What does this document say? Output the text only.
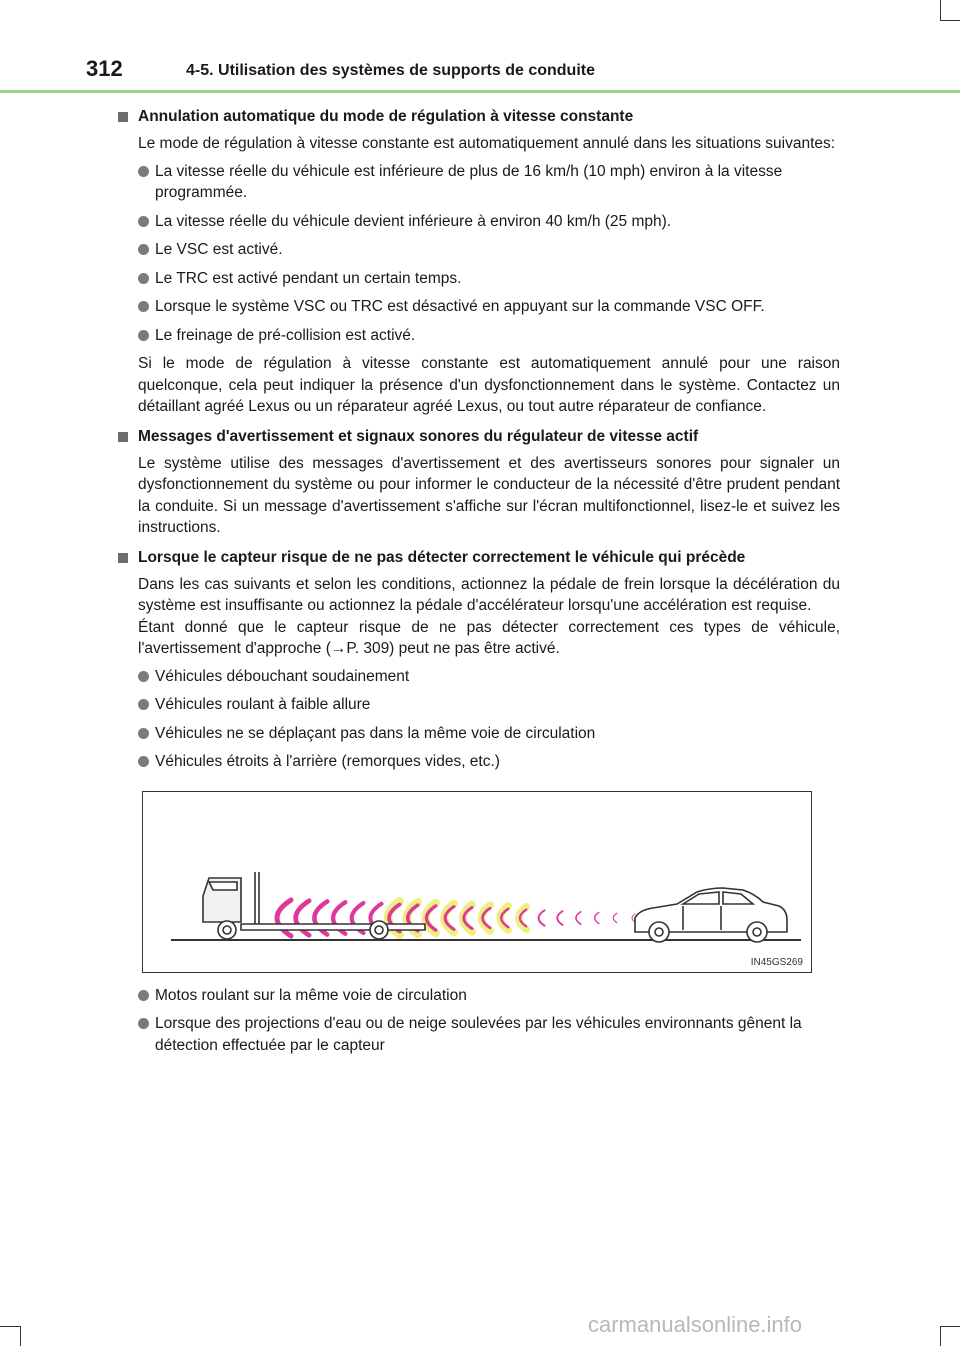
312	4-5. Utilisation des systèmes de supports de conduite
Annulation automatique du mode de régulation à vitesse constante

Le mode de régulation à vitesse constante est automatiquement annulé dans les situations suivantes:

La vitesse réelle du véhicule est inférieure de plus de 16 km/h (10 mph) environ à la vitesse programmée.
La vitesse réelle du véhicule devient inférieure à environ 40 km/h (25 mph).
Le VSC est activé.
Le TRC est activé pendant un certain temps.
Lorsque le système VSC ou TRC est désactivé en appuyant sur la commande VSC OFF.
Le freinage de pré-collision est activé.

Si le mode de régulation à vitesse constante est automatiquement annulé pour une raison quelconque, cela peut indiquer la présence d'un dysfonctionnement dans le système. Contactez un détaillant agréé Lexus ou un réparateur agréé Lexus, ou tout autre réparateur de confiance.

Messages d'avertissement et signaux sonores du régulateur de vitesse actif

Le système utilise des messages d'avertissement et des avertisseurs sonores pour signaler un dysfonctionnement du système ou pour informer le conducteur de la nécessité d'être prudent pendant la conduite. Si un message d'avertissement s'affiche sur l'écran multifonctionnel, lisez-le et suivez les instructions.

Lorsque le capteur risque de ne pas détecter correctement le véhicule qui précède

Dans les cas suivants et selon les conditions, actionnez la pédale de frein lorsque la décélération du système est insuffisante ou actionnez la pédale d'accélérateur lorsqu'une accélération est requise.

Étant donné que le capteur risque de ne pas détecter correctement ces types de véhicule, l'avertissement d'approche (→P. 309) peut ne pas être activé.

Véhicules débouchant soudainement
Véhicules roulant à faible allure
Véhicules ne se déplaçant pas dans la même voie de circulation
Véhicules étroits à l'arrière (remorques vides, etc.)
IN45GS269
Motos roulant sur la même voie de circulation
Lorsque des projections d'eau ou de neige soulevées par les véhicules environnants gênent la détection effectuée par le capteur
carmanualsonline.info
